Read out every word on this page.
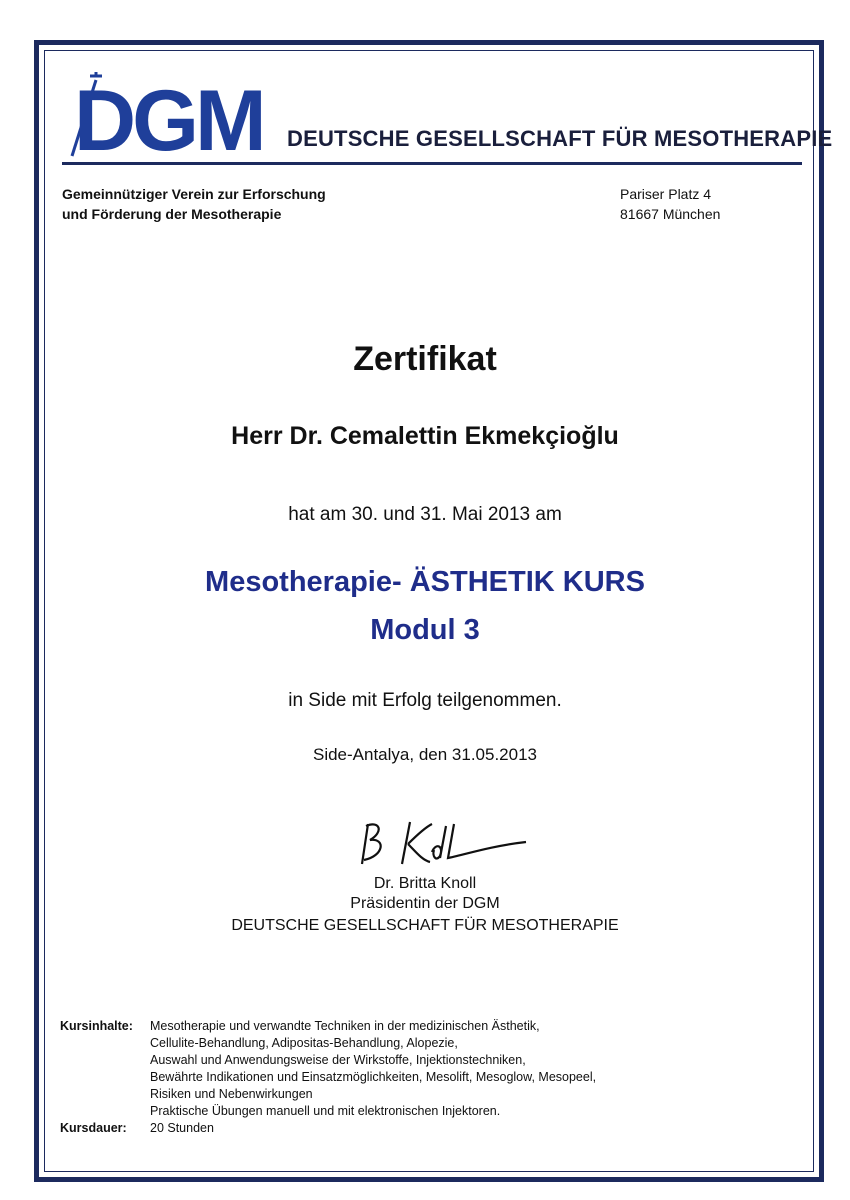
DGM DEUTSCHE GESELLSCHAFT FÜR MESOTHERAPIE
Gemeinnütziger Verein zur Erforschung
und Förderung der Mesotherapie
Pariser Platz 4
81667 München
Zertifikat
Herr Dr. Cemalettin Ekmekçioğlu
hat am 30. und 31. Mai 2013 am
Mesotherapie- ÄSTHETIK KURS
Modul 3
in Side mit Erfolg teilgenommen.
Side-Antalya, den 31.05.2013
Dr. Britta Knoll
Präsidentin der DGM
DEUTSCHE GESELLSCHAFT FÜR MESOTHERAPIE
Kursinhalte:	Mesotherapie und verwandte Techniken in der medizinischen Ästhetik,
Cellulite-Behandlung, Adipositas-Behandlung, Alopezie,
Auswahl und Anwendungsweise der Wirkstoffe, Injektionstechniken,
Bewährte Indikationen und Einsatzmöglichkeiten, Mesolift, Mesoglow, Mesopeel,
Risiken und Nebenwirkungen
Praktische Übungen manuell und mit elektronischen Injektoren.
Kursdauer:	20 Stunden
